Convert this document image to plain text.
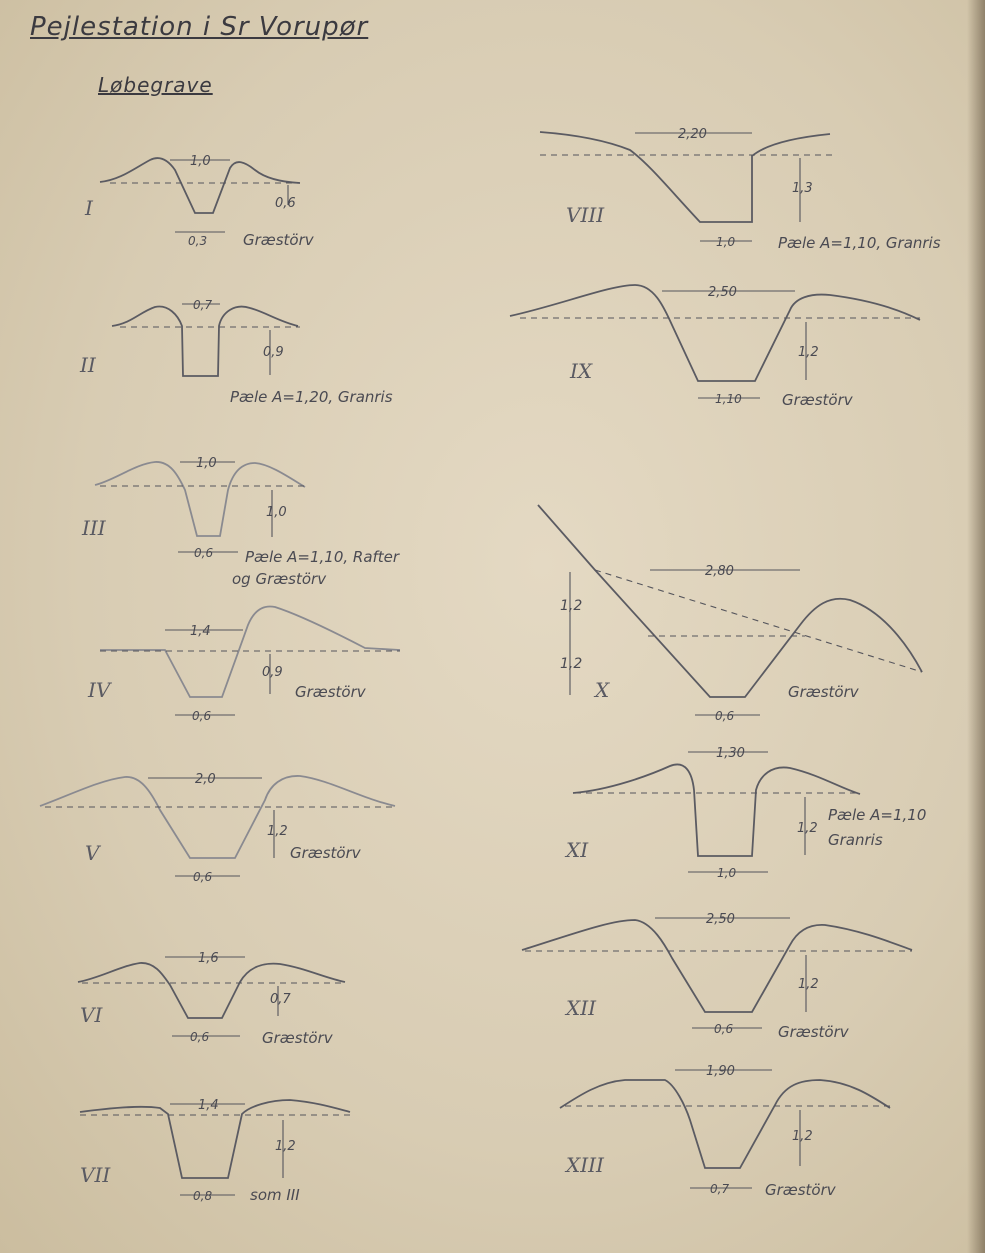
Pejlestation i Sr Vorupør
Løbegrave
1,0
0,6
0,3
I
Græstörv
0,7
0,9
II
Pæle A=1,20, Granris
1,0
1,0
0,6
III
Pæle A=1,10, Rafter
og Græstörv
1,4
0,9
0,6
IV	Græstörv
2,0
1,2
0,6
V	Græstörv
1,6
0,7
0,6
VI
Græstörv
1,4
1,2
0,8
VII
som III
2,20
1,3
1,0
VIII
Pæle A=1,10, Granris
2,50
1,2
1,10
IX
Græstörv
2,80
1,2
1,2
0,6
X	Græstörv
1,30
1,2
1,0
XI
Pæle A=1,10
Granris
2,50
1,2
0,6
XII
Græstörv
1,90
1,2
0,7
XIII
Græstörv
